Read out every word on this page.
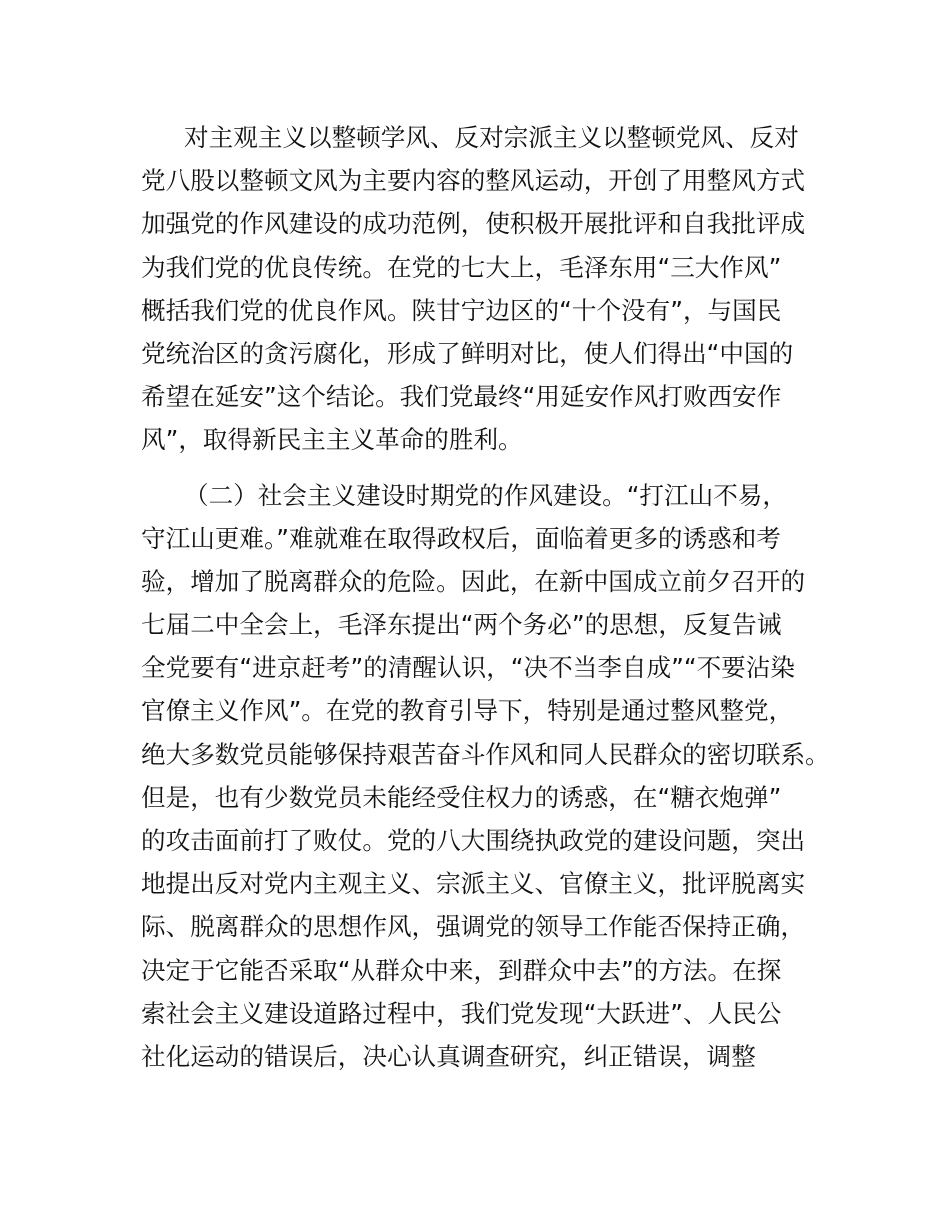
对主观主义以整顿学风、反对宗派主义以整顿党风、反对
党八股以整顿文风为主要内容的整风运动，开创了用整风方式
加强党的作风建设的成功范例，使积极开展批评和自我批评成
为我们党的优良传统。在党的七大上，毛泽东用“三大作风”
概括我们党的优良作风。陕甘宁边区的“十个没有”，与国民
党统治区的贪污腐化，形成了鲜明对比，使人们得出“中国的
希望在延安”这个结论。我们党最终“用延安作风打败西安作
风”，取得新民主主义革命的胜利。
（二）社会主义建设时期党的作风建设。“打江山不易，
守江山更难。”难就难在取得政权后，面临着更多的诱惑和考
验，增加了脱离群众的危险。因此，在新中国成立前夕召开的
七届二中全会上，毛泽东提出“两个务必”的思想，反复告诫
全党要有“进京赶考”的清醒认识，“决不当李自成”“不要沾染
官僚主义作风”。在党的教育引导下，特别是通过整风整党，
绝大多数党员能够保持艰苦奋斗作风和同人民群众的密切联系。
但是，也有少数党员未能经受住权力的诱惑，在“糖衣炮弹”
的攻击面前打了败仗。党的八大围绕执政党的建设问题，突出
地提出反对党内主观主义、宗派主义、官僚主义，批评脱离实
际、脱离群众的思想作风，强调党的领导工作能否保持正确，
决定于它能否采取“从群众中来，到群众中去”的方法。在探
索社会主义建设道路过程中，我们党发现“大跃进”、人民公
社化运动的错误后，决心认真调查研究，纠正错误，调整
